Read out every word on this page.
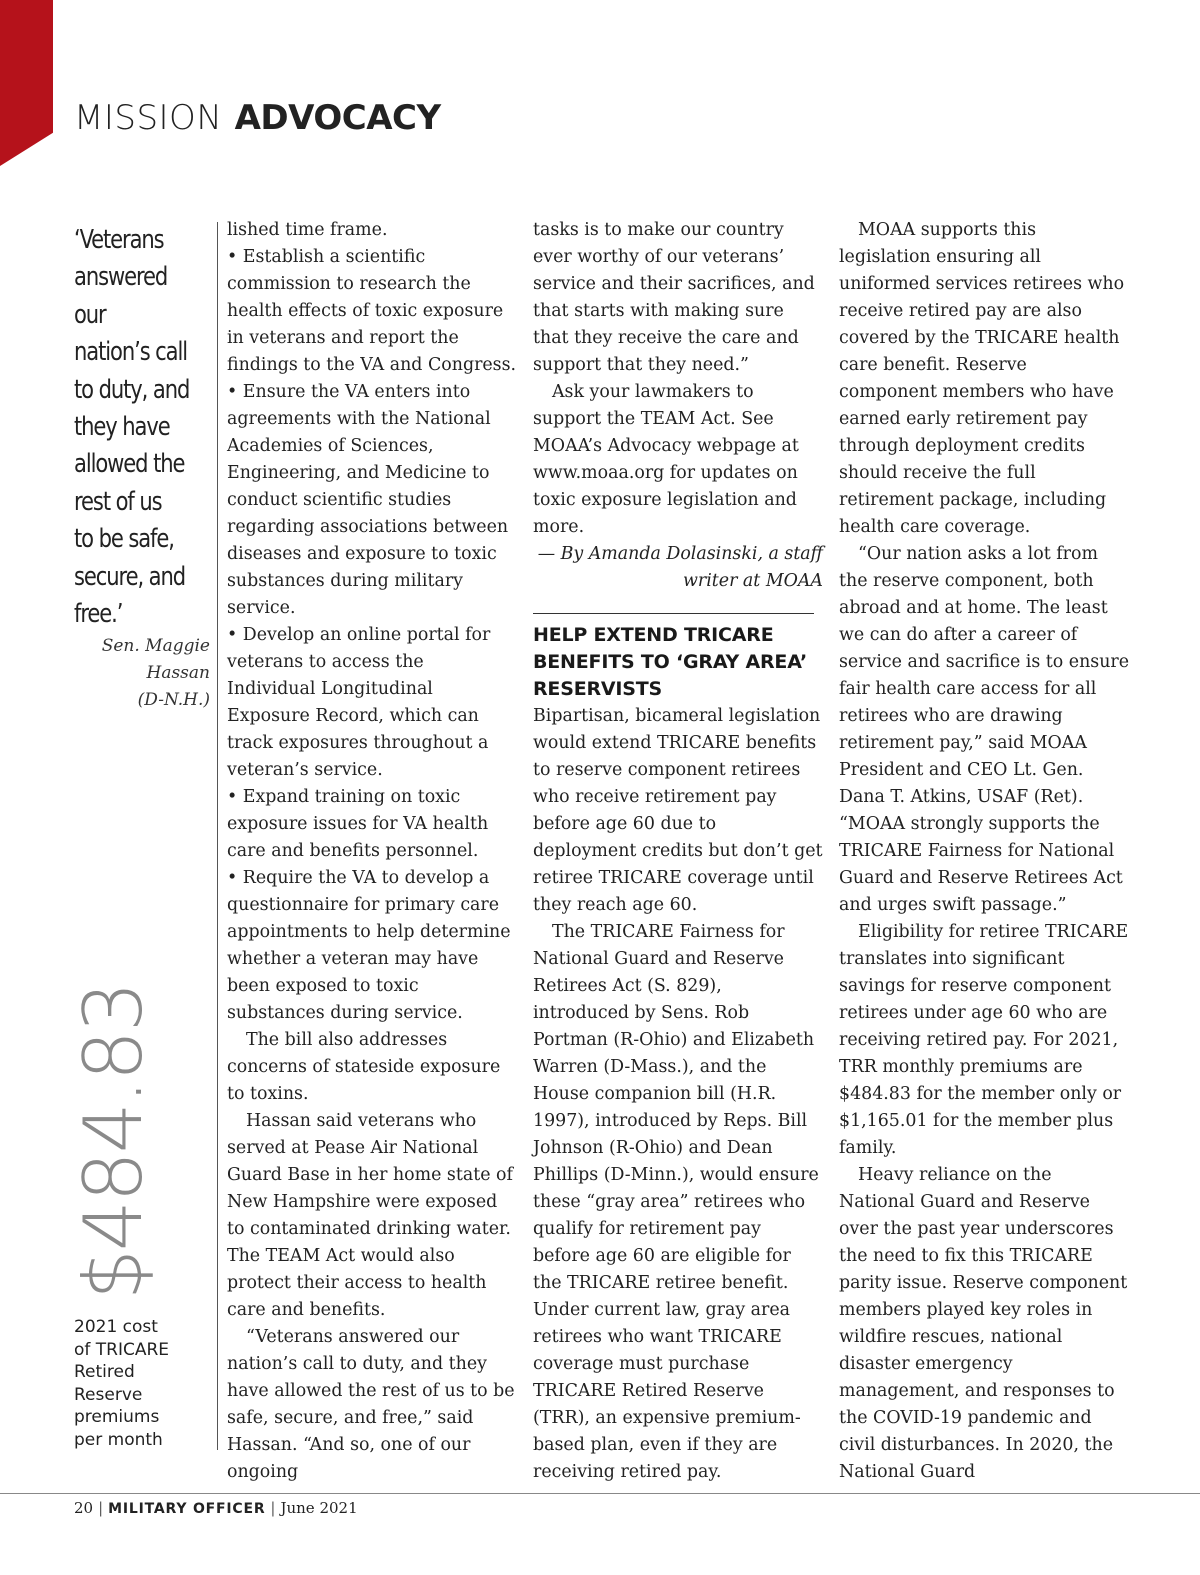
MISSION ADVOCACY
‘Veterans
answered our
nation’s call
to duty, and
they have
allowed the
rest of us
to be safe,
secure, and
free.’
Sen. Maggie
Hassan
(D-N.H.)
$484.83
2021 cost
of TRICARE
Retired
Reserve
premiums
per month

lished time frame.

• Establish a scientific commission to research the health effects of toxic exposure in veterans and report the findings to the VA and Congress.

• Ensure the VA enters into agreements with the National Academies of Sciences, Engineering, and Medicine to conduct scientific studies regarding associations between diseases and exposure to toxic substances during military service.

• Develop an online portal for veterans to access the Individual Longitudinal Exposure Record, which can track exposures throughout a veteran’s service.

• Expand training on toxic exposure issues for VA health care and benefits personnel.

• Require the VA to develop a questionnaire for primary care appointments to help determine whether a veteran may have been exposed to toxic substances during service.

The bill also addresses concerns of stateside exposure to toxins.

Hassan said veterans who served at Pease Air National Guard Base in her home state of New Hampshire were exposed to contaminated drinking water. The TEAM Act would also protect their access to health care and benefits.

“Veterans answered our nation’s call to duty, and they have allowed the rest of us to be safe, secure, and free,” said Hassan. “And so, one of our ongoing

tasks is to make our country ever worthy of our veterans’ service and their sacrifices, and that starts with making sure that they receive the care and support that they need.”

Ask your lawmakers to support the TEAM Act. See MOAA’s Advocacy webpage at www.moaa.org for updates on toxic exposure legislation and more.

— By Amanda Dolasinski, a staff
writer at MOAA
HELP EXTEND TRICARE BENEFITS TO ‘GRAY AREA’ RESERVISTS

Bipartisan, bicameral legislation would extend TRICARE benefits to reserve component retirees who receive retirement pay before age 60 due to deployment credits but don’t get retiree TRICARE coverage until they reach age 60.

The TRICARE Fairness for National Guard and Reserve Retirees Act (S. 829), introduced by Sens. Rob Portman (R-Ohio) and Elizabeth Warren (D-Mass.), and the House companion bill (H.R. 1997), introduced by Reps. Bill Johnson (R-Ohio) and Dean Phillips (D-Minn.), would ensure these “gray area” retirees who qualify for retirement pay before age 60 are eligible for the TRICARE retiree benefit. Under current law, gray area retirees who want TRICARE coverage must purchase TRICARE Retired Reserve (TRR), an expensive premium-based plan, even if they are receiving retired pay.

MOAA supports this legislation ensuring all uniformed services retirees who receive retired pay are also covered by the TRICARE health care benefit. Reserve component members who have earned early retirement pay through deployment credits should receive the full retirement package, including health care coverage.

“Our nation asks a lot from the reserve component, both abroad and at home. The least we can do after a career of service and sacrifice is to ensure fair health care access for all retirees who are drawing retirement pay,” said MOAA President and CEO Lt. Gen. Dana T. Atkins, USAF (Ret). “MOAA strongly supports the TRICARE Fairness for National Guard and Reserve Retirees Act and urges swift passage.”

Eligibility for retiree TRICARE translates into significant savings for reserve component retirees under age 60 who are receiving retired pay. For 2021, TRR monthly premiums are $484.83 for the member only or $1,165.01 for the member plus family.

Heavy reliance on the National Guard and Reserve over the past year underscores the need to fix this TRICARE parity issue. Reserve component members played key roles in wildfire rescues, national disaster emergency management, and responses to the COVID-19 pandemic and civil disturbances. In 2020, the National Guard

20 | MILITARY OFFICER | June 2021
